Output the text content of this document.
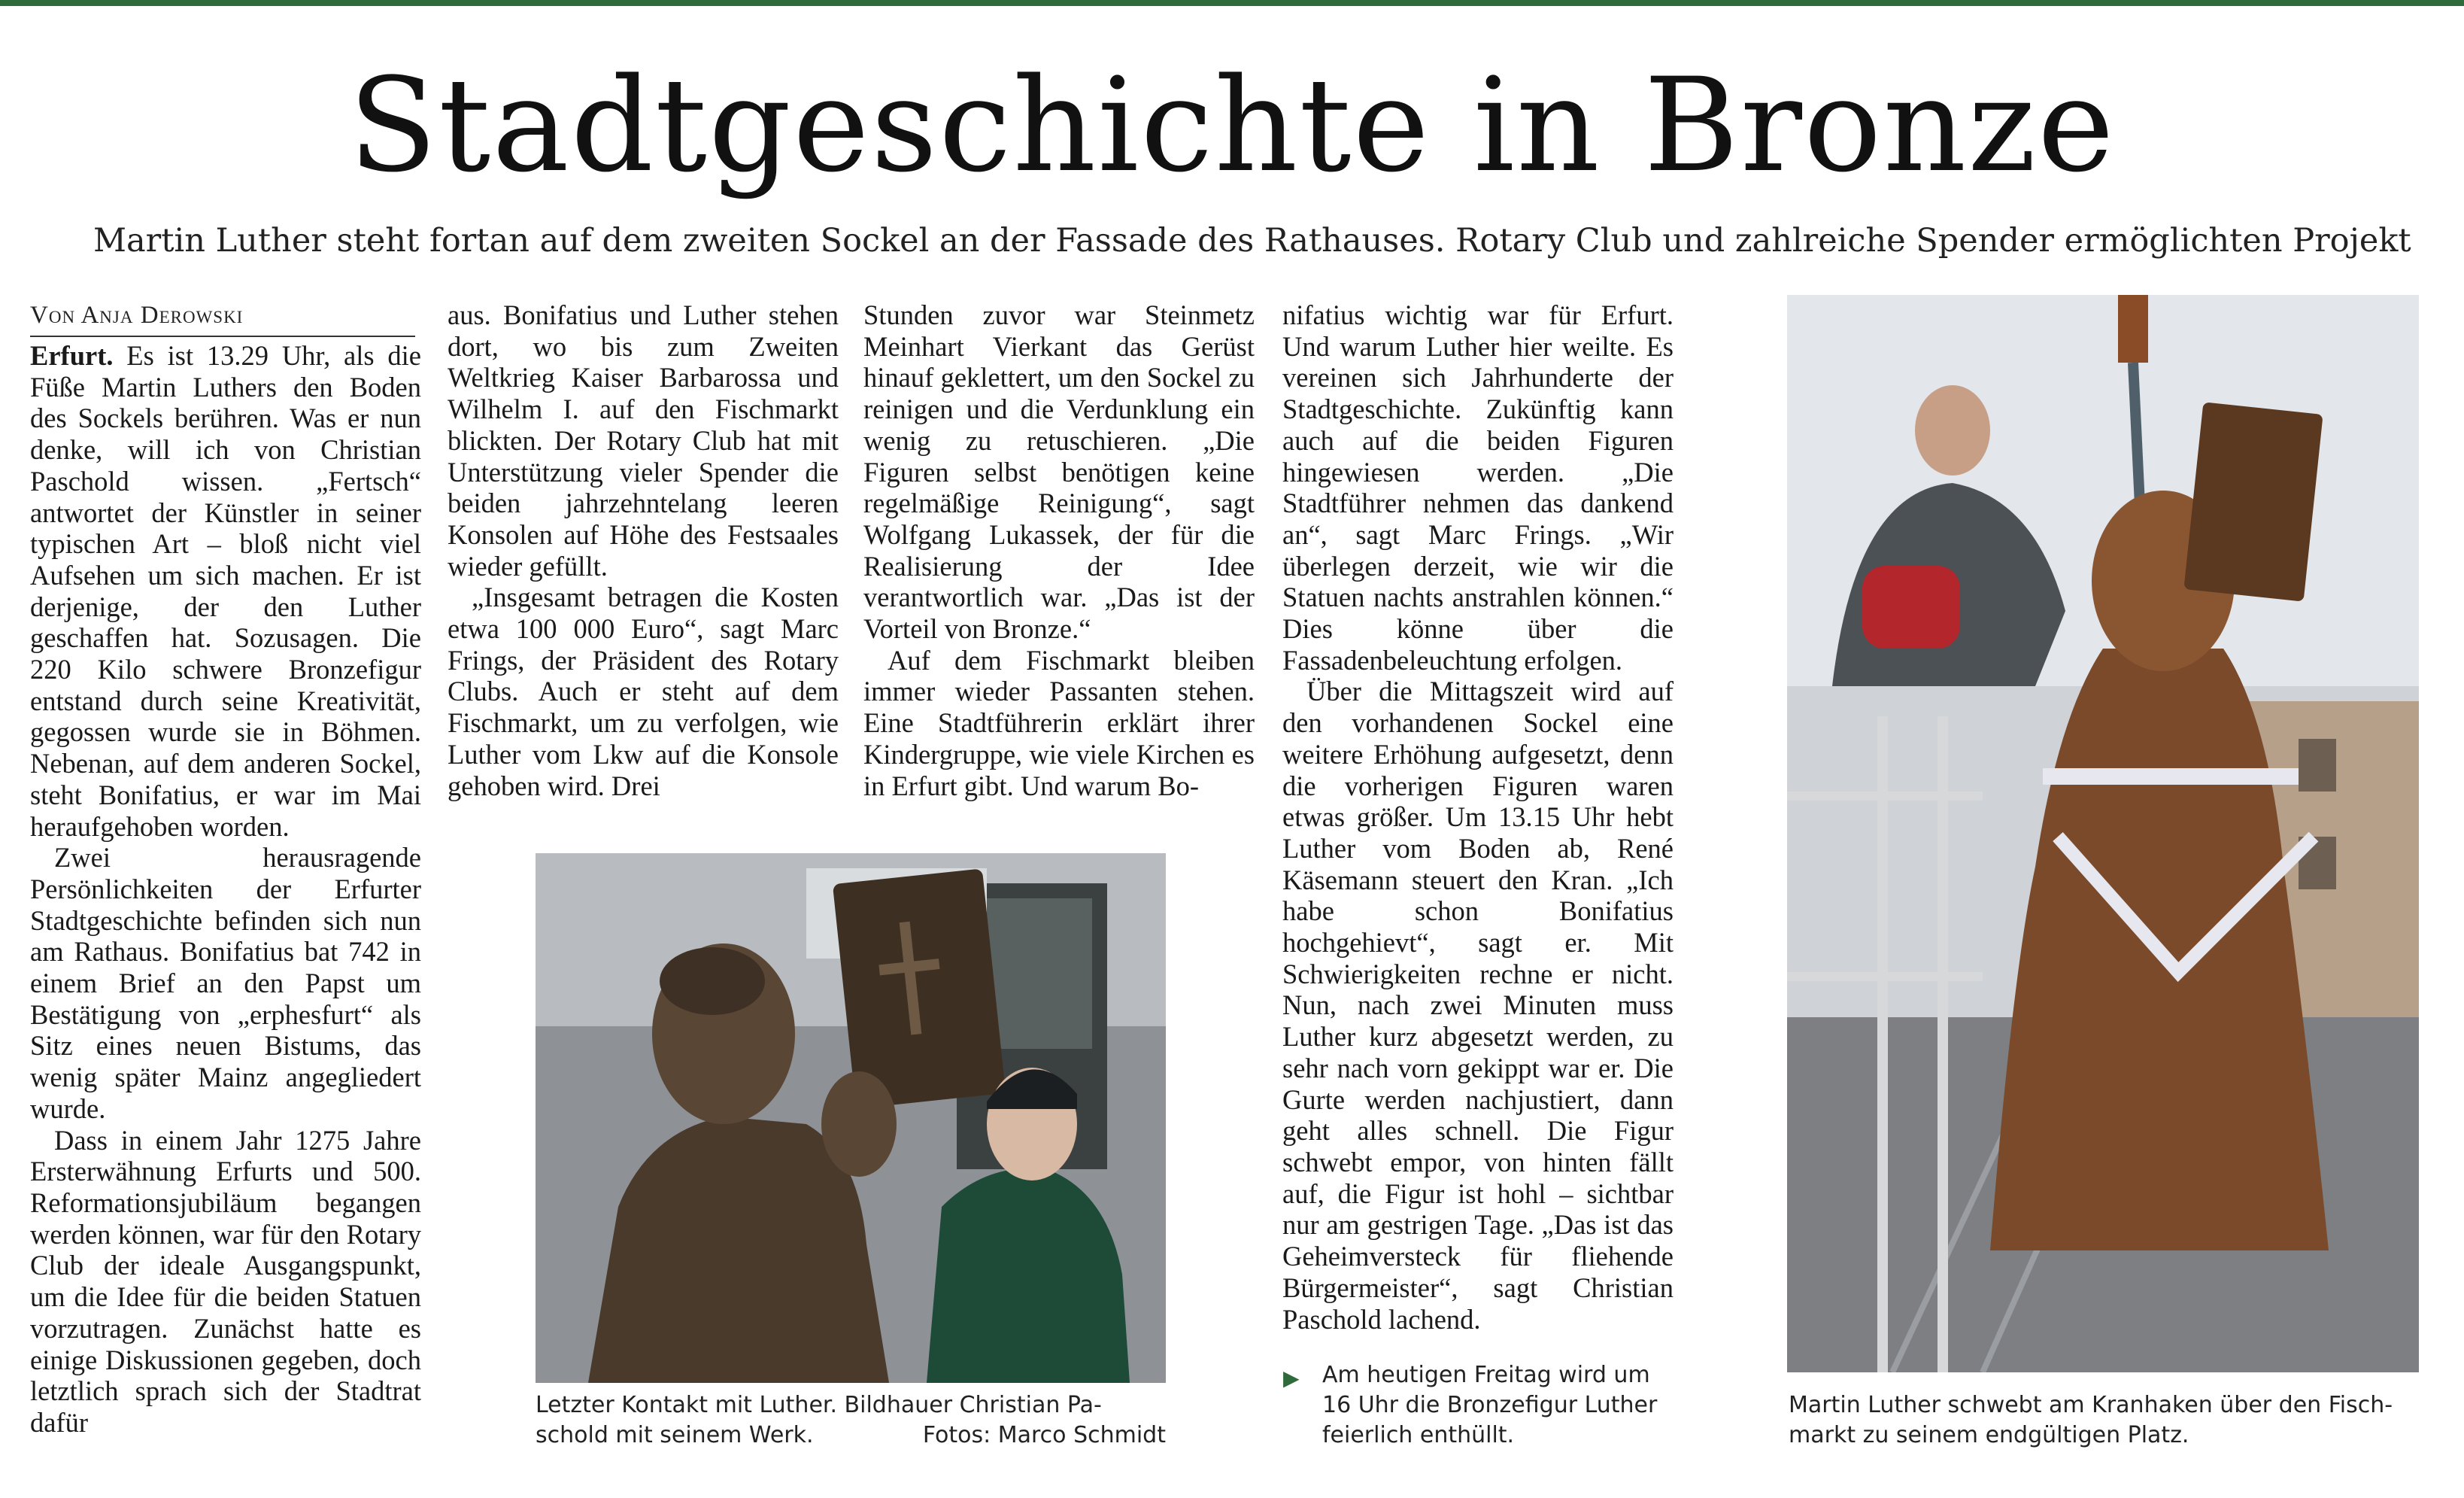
Stadtgeschichte in Bronze
Martin Luther steht fortan auf dem zweiten Sockel an der Fassade des Rathauses. Rotary Club und zahlreiche Spender ermöglichten Projekt
Von Anja Derowski

Erfurt. Es ist 13.29 Uhr, als die Füße Martin Luthers den Boden des Sockels berühren. Was er nun denke, will ich von Christian Paschold wissen. „Fertsch“ antwortet der Künstler in seiner typischen Art – bloß nicht viel Aufsehen um sich machen. Er ist derjenige, der den Luther geschaffen hat. Sozusagen. Die 220 Kilo schwere Bronzefigur entstand durch seine Kreativität, gegossen wurde sie in Böhmen. Nebenan, auf dem anderen Sockel, steht Bonifatius, er war im Mai heraufgehoben worden.

Zwei herausragende Persönlichkeiten der Erfurter Stadtgeschichte befinden sich nun am Rathaus. Bonifatius bat 742 in einem Brief an den Papst um Bestätigung von „erphesfurt“ als Sitz eines neuen Bistums, das wenig später Mainz angegliedert wurde.

Dass in einem Jahr 1275 Jahre Ersterwähnung Erfurts und 500. Reformationsjubiläum begangen werden können, war für den Rotary Club der ideale Ausgangspunkt, um die Idee für die beiden Statuen vorzutragen. Zunächst hatte es einige Diskussionen gegeben, doch letztlich sprach sich der Stadtrat dafür

aus. Bonifatius und Luther stehen dort, wo bis zum Zweiten Weltkrieg Kaiser Barbarossa und Wilhelm I. auf den Fischmarkt blickten. Der Rotary Club hat mit Unterstützung vieler Spender die beiden jahrzehntelang leeren Konsolen auf Höhe des Festsaales wieder gefüllt.

„Insgesamt betragen die Kosten etwa 100 000 Euro“, sagt Marc Frings, der Präsident des Rotary Clubs. Auch er steht auf dem Fischmarkt, um zu verfolgen, wie Luther vom Lkw auf die Konsole gehoben wird. Drei

Stunden zuvor war Steinmetz Meinhart Vierkant das Gerüst hinauf geklettert, um den Sockel zu reinigen und die Verdunklung ein wenig zu retuschieren. „Die Figuren selbst benötigen keine regelmäßige Reinigung“, sagt Wolfgang Lukassek, der für die Realisierung der Idee verantwortlich war. „Das ist der Vorteil von Bronze.“

Auf dem Fischmarkt bleiben immer wieder Passanten stehen. Eine Stadtführerin erklärt ihrer Kindergruppe, wie viele Kirchen es in Erfurt gibt. Und warum Bo-

nifatius wichtig war für Erfurt. Und warum Luther hier weilte. Es vereinen sich Jahrhunderte der Stadtgeschichte. Zukünftig kann auch auf die beiden Figuren hingewiesen werden. „Die Stadtführer nehmen das dankend an“, sagt Marc Frings. „Wir überlegen derzeit, wie wir die Statuen nachts anstrahlen können.“ Dies könne über die Fassadenbeleuchtung erfolgen.

Über die Mittagszeit wird auf den vorhandenen Sockel eine weitere Erhöhung aufgesetzt, denn die vorherigen Figuren waren etwas größer. Um 13.15 Uhr hebt Luther vom Boden ab, René Käsemann steuert den Kran. „Ich habe schon Bonifatius hochgehievt“, sagt er. Mit Schwierigkeiten rechne er nicht. Nun, nach zwei Minuten muss Luther kurz abgesetzt werden, zu sehr nach vorn gekippt war er. Die Gurte werden nachjustiert, dann geht alles schnell. Die Figur schwebt empor, von hinten fällt auf, die Figur ist hohl – sichtbar nur am gestrigen Tage. „Das ist das Geheimversteck für fliehende Bürgermeister“, sagt Christian Paschold lachend.

Letzter Kontakt mit Luther. Bildhauer Christian Pa-
schold mit seinem Werk.	Fotos: Marco Schmidt
Martin Luther schwebt am Kranhaken über den Fisch-
markt zu seinem endgültigen Platz.
▶ Am heutigen Freitag wird um
16 Uhr die Bronzefigur Luther
feierlich enthüllt.
